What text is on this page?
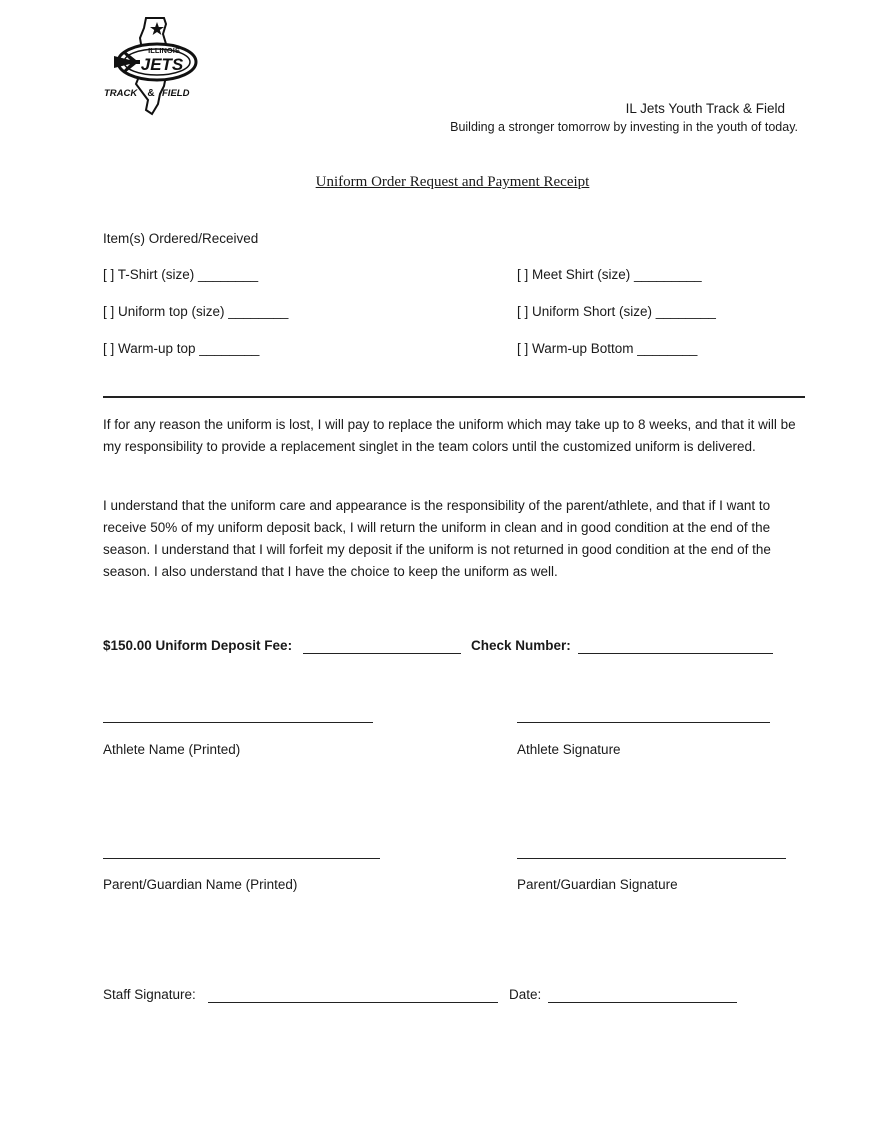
ILLINOIS
JETS
TRACK & FIELD
IL Jets Youth Track & Field
Building a stronger tomorrow by investing in the youth of today.
Uniform Order Request and Payment Receipt
Item(s) Ordered/Received
[ ] T-Shirt (size) ________
[ ] Uniform top (size) ________
[ ] Warm-up top ________
[ ] Meet Shirt (size) _________
[ ] Uniform Short (size) ________
[ ] Warm-up Bottom ________
If for any reason the uniform is lost, I will pay to replace the uniform which may take up to 8 weeks, and that it will be my responsibility to provide a replacement singlet in the team colors until the customized uniform is delivered.
I understand that the uniform care and appearance is the responsibility of the parent/athlete, and that if I want to receive 50% of my uniform deposit back, I will return the uniform in clean and in good condition at the end of the season. I understand that I will forfeit my deposit if the uniform is not returned in good condition at the end of the season. I also understand that I have the choice to keep the uniform as well.
$150.00 Uniform Deposit Fee:	Check Number:
Athlete Name (Printed)	Athlete Signature
Parent/Guardian Name (Printed)	Parent/Guardian Signature
Staff Signature:	Date:
